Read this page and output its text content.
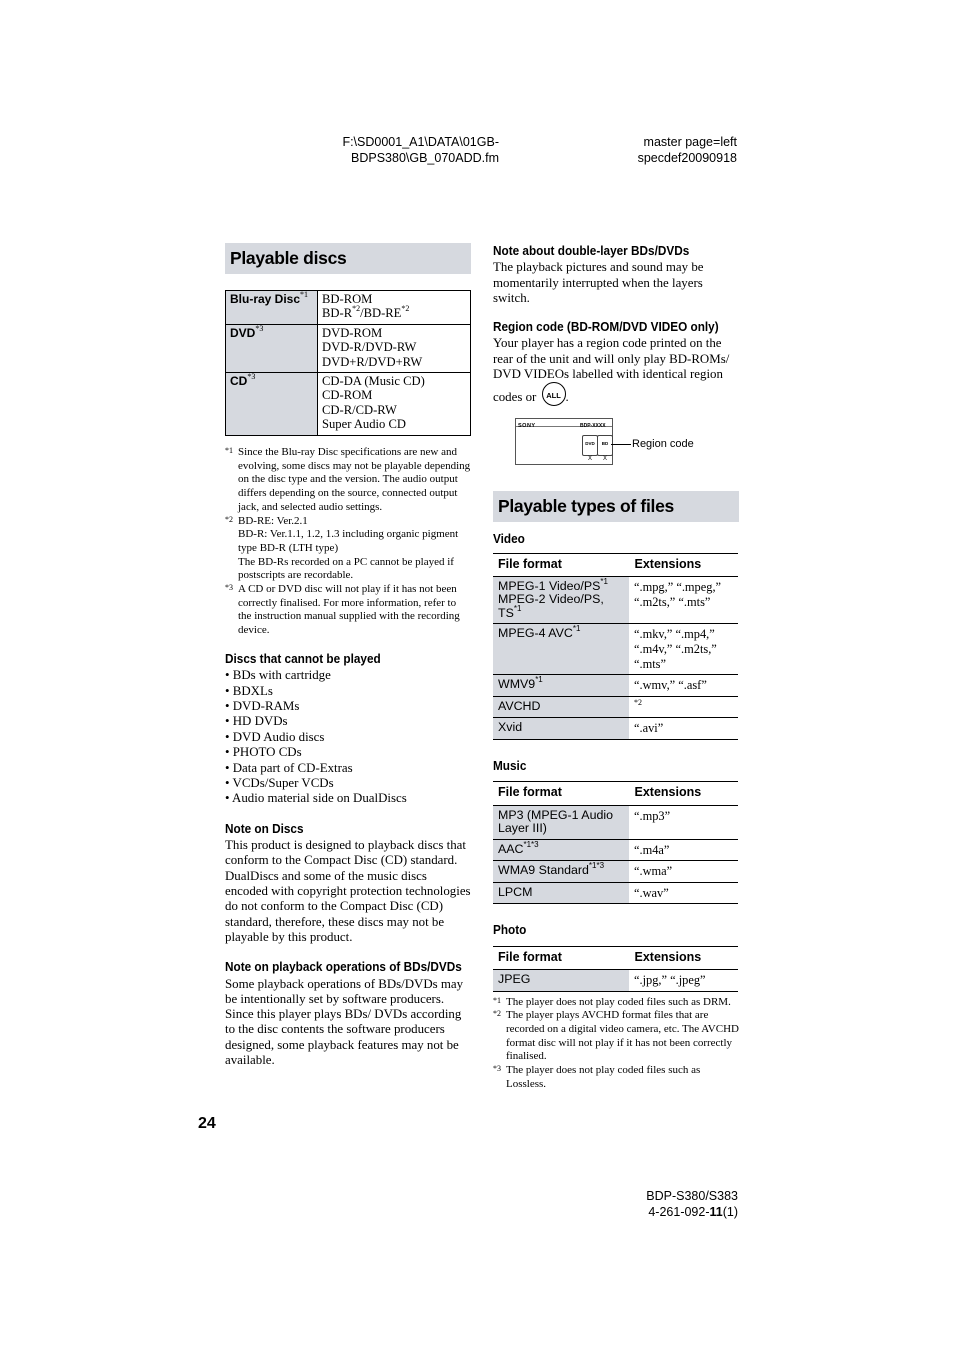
F:\SD0001_A1\DATA\01GB-
BDPS380\GB_070ADD.fm
master page=left
specdef20090918
Playable discs
Blu-ray Disc$^{*1}$	BD-ROM
$BD-R^{*2}/BD-RE^{*2}$

DVD$^{*3}$	DVD-ROM
DVD-R/DVD-RW
DVD+R/DVD+RW

CD$^{*3}$	CD-DA (Music CD)
CD-ROM
CD-R/CD-RW
Super Audio CD
*1 Since the Blu-ray Disc specifications are new and evolving, some discs may not be playable depending on the disc type and the version. The audio output differs depending on the source, connected output jack, and selected audio settings.
*2 BD-RE: Ver.2.1
BD-R: Ver.1.1, 1.2, 1.3 including organic pigment type BD-R (LTH type)
The BD-Rs recorded on a PC cannot be played if postscripts are recordable.
*3 A CD or DVD disc will not play if it has not been correctly finalised. For more information, refer to the instruction manual supplied with the recording device.
Discs that cannot be played
• BDs with cartridge
• BDXLs
• DVD-RAMs
• HD DVDs
• DVD Audio discs
• PHOTO CDs
• Data part of CD-Extras
• VCDs/Super VCDs
• Audio material side on DualDiscs
Note on Discs

This product is designed to playback discs that conform to the Compact Disc (CD) standard. DualDiscs and some of the music discs encoded with copyright protection technologies do not conform to the Compact Disc (CD) standard, therefore, these discs may not be playable by this product.

Note on playback operations of BDs/DVDs

Some playback operations of BDs/DVDs may be intentionally set by software producers. Since this player plays BDs/ DVDs according to the disc contents the software producers designed, some playback features may not be available.

Note about double-layer BDs/DVDs

The playback pictures and sound may be momentarily interrupted when the layers switch.

Region code (BD-ROM/DVD VIDEO only)

Your player has a region code printed on the rear of the unit and will only play BD-ROMs/ DVD VIDEOs labelled with identical region codes or	ALL .

SONY	BDP-XXXX
DVD
X
BD
X
Region code
Playable types of files
Video
File format	Extensions
MPEG-1 Video/PS$^{*1}$ MPEG-2 Video/PS, TS$^{*1}$	“.mpg,” “.mpeg,” “.m2ts,” “.mts”
MPEG-4 AVC$^{*1}$	“.mkv,” “.mp4,” “.m4v,” “.m2ts,” “.mts”
WMV9$^{*1}$	“.wmv,” “.asf”
AVCHD	$^{*2}$
Xvid	“.avi”
Music
File format	Extensions
MP3 (MPEG-1 Audio Layer III)	“.mp3”
$AAC^{*1*3}$	“.m4a”
WMA9 Standard$^{*1*3}$	“.wma”
LPCM	“.wav”
Photo
File format	Extensions
JPEG	“.jpg,” “.jpeg”
*1 The player does not play coded files such as DRM.
*2 The player plays AVCHD format files that are recorded on a digital video camera, etc. The AVCHD format disc will not play if it has not been correctly finalised.
*3 The player does not play coded files such as Lossless.
24
BDP-S380/S383
4-261-092-11(1)
